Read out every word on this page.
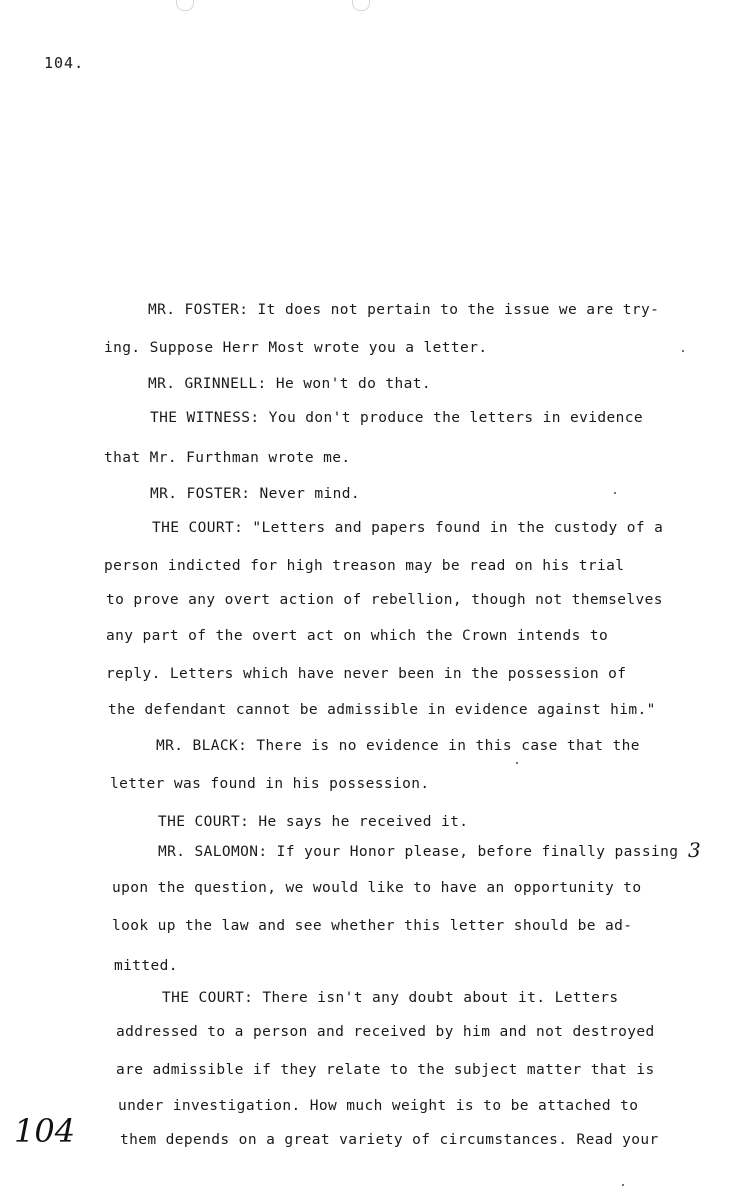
104.
MR. FOSTER: It does not pertain to the issue we are try-
ing. Suppose Herr Most wrote you a letter.
MR. GRINNELL: He won't do that.
THE WITNESS: You don't produce the letters in evidence
that Mr. Furthman wrote me.
MR. FOSTER: Never mind.
THE COURT: "Letters and papers found in the custody of a
person indicted for high treason may be read on his trial
to prove any overt action of rebellion, though not themselves
any part of the overt act on which the Crown intends to
reply. Letters which have never been in the possession of
the defendant cannot be admissible in evidence against him."
MR. BLACK: There is no evidence in this case that the
letter was found in his possession.
THE COURT: He says he received it.
MR. SALOMON: If your Honor please, before finally passing
upon the question, we would like to have an opportunity to
look up the law and see whether this letter should be ad-
mitted.
THE COURT: There isn't any doubt about it. Letters
addressed to a person and received by him and not destroyed
are admissible if they relate to the subject matter that is
under investigation. How much weight is to be attached to
them depends on a great variety of circumstances. Read your
3
104
